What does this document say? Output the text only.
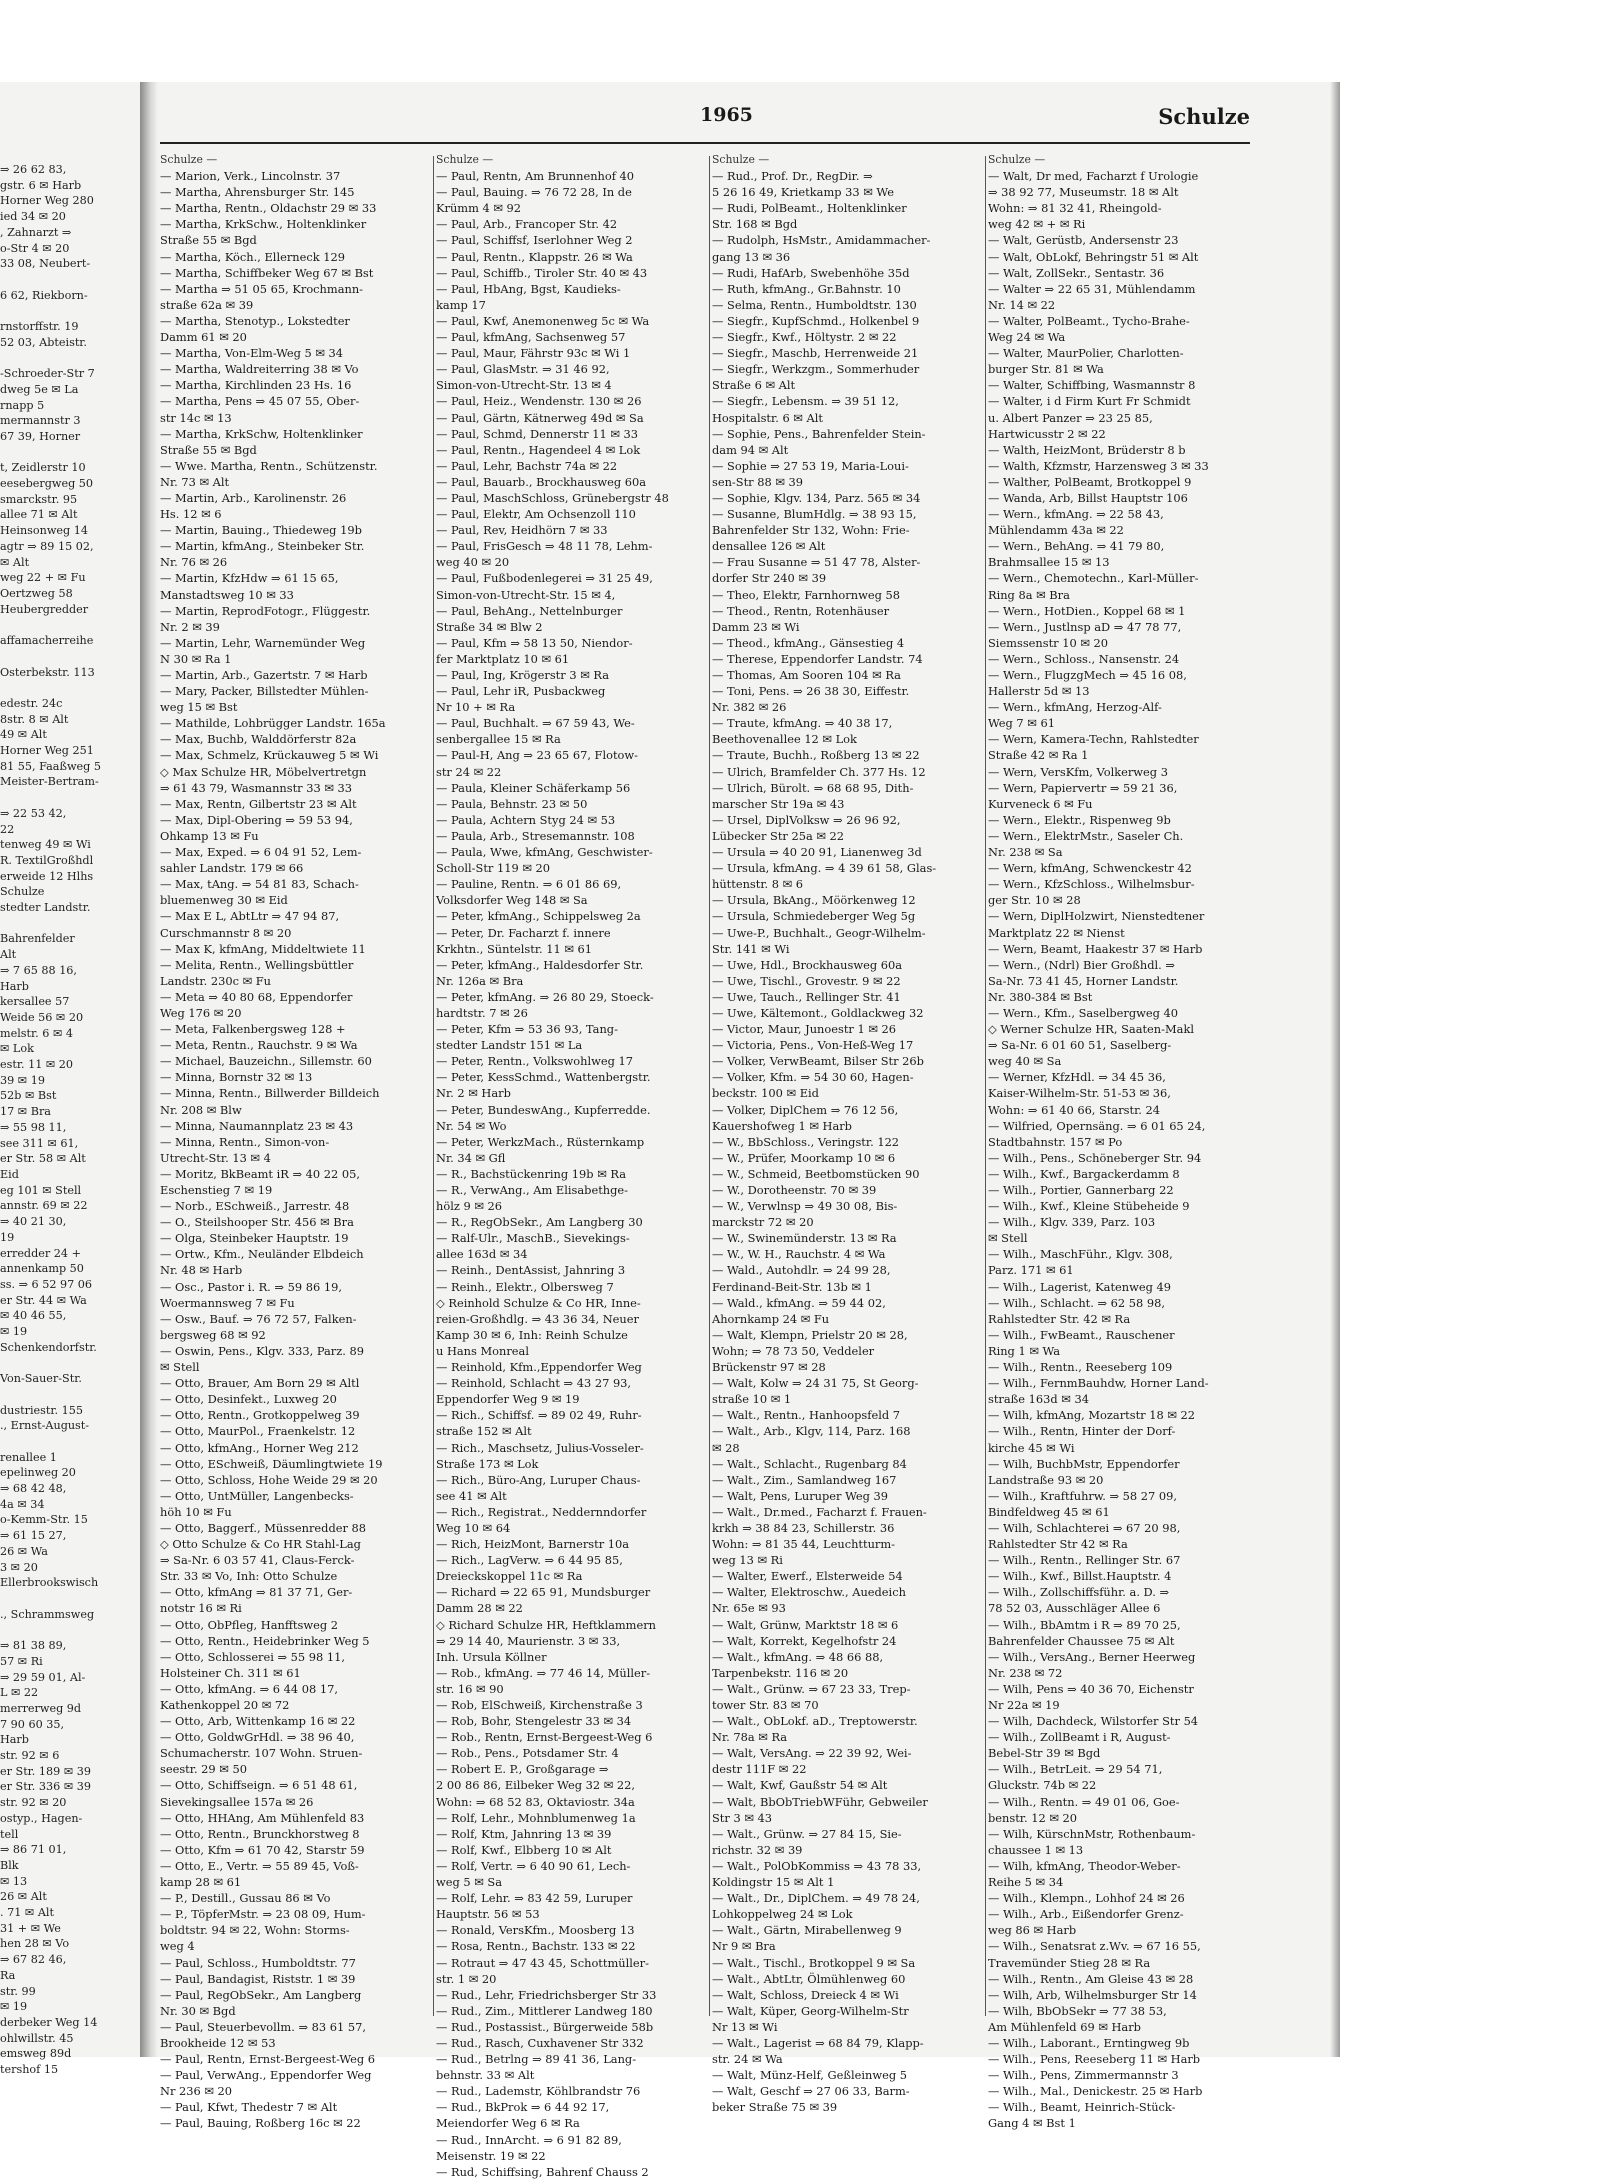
⇒ 26 62 83,
gstr. 6 ✉ Harb
Horner Weg 280
ied 34 ✉ 20
, Zahnarzt ⇒
o-Str 4 ✉ 20
33 08, Neubert-

6 62, Riekborn-

rnstorffstr. 19
52 03, Abteistr.

-Schroeder-Str 7
dweg 5e ✉ La
rnapp 5
mermannstr 3
67 39, Horner

t, Zeidlerstr 10
eesebergweg 50
smarckstr. 95
allee 71 ✉ Alt
Heinsonweg 14
agtr ⇒ 89 15 02,
✉ Alt
weg 22 + ✉ Fu
Oertzweg 58
Heubergredder

affamacherreihe

Osterbekstr. 113

edestr. 24c
8str. 8 ✉ Alt
49 ✉ Alt
Horner Weg 251
81 55, Faaßweg 5
Meister-Bertram-

⇒ 22 53 42,
22
tenweg 49 ✉ Wi
R. TextilGroßhdl
erweide 12 Hlhs
Schulze
stedter Landstr.

Bahrenfelder
Alt
⇒ 7 65 88 16,
Harb
kersallee 57
Weide 56 ✉ 20
melstr. 6 ✉ 4
✉ Lok
estr. 11 ✉ 20
39 ✉ 19
52b ✉ Bst
17 ✉ Bra
⇒ 55 98 11,
see 311 ✉ 61,
er Str. 58 ✉ Alt
Eid
eg 101 ✉ Stell
annstr. 69 ✉ 22
⇒ 40 21 30,
19
erredder 24 +
annenkamp 50
ss. ⇒ 6 52 97 06
er Str. 44 ✉ Wa
✉ 40 46 55,
✉ 19
Schenkendorfstr.

Von-Sauer-Str.

dustriestr. 155
., Ernst-August-

renallee 1
epelinweg 20
⇒ 68 42 48,
4a ✉ 34
o-Kemm-Str. 15
⇒ 61 15 27,
26 ✉ Wa
3 ✉ 20
Ellerbrookswisch

., Schrammsweg

⇒ 81 38 89,
57 ✉ Ri
⇒ 29 59 01, Al-
L ✉ 22
merrerweg 9d
7 90 60 35,
Harb
str. 92 ✉ 6
er Str. 189 ✉ 39
er Str. 336 ✉ 39
str. 92 ✉ 20
ostyp., Hagen-
tell
⇒ 86 71 01,
Blk
✉ 13
26 ✉ Alt
. 71 ✉ Alt
31 + ✉ We
hen 28 ✉ Vo
⇒ 67 82 46,
Ra
str. 99
✉ 19
derbeker Weg 14
ohlwillstr. 45
emsweg 89d
tershof 15
1965	Schulze
Schulze —
— Marion, Verk., Lincolnstr. 37
— Martha, Ahrensburger Str. 145
— Martha, Rentn., Oldachstr 29 ✉ 33
— Martha, KrkSchw., Holtenklinker
Straße 55 ✉ Bgd
— Martha, Köch., Ellerneck 129
— Martha, Schiffbeker Weg 67 ✉ Bst
— Martha ⇒ 51 05 65, Krochmann-
straße 62a ✉ 39
— Martha, Stenotyp., Lokstedter
Damm 61 ✉ 20
— Martha, Von-Elm-Weg 5 ✉ 34
— Martha, Waldreiterring 38 ✉ Vo
— Martha, Kirchlinden 23 Hs. 16
— Martha, Pens ⇒ 45 07 55, Ober-
str 14c ✉ 13
— Martha, KrkSchw, Holtenklinker
Straße 55 ✉ Bgd
— Wwe. Martha, Rentn., Schützenstr.
Nr. 73 ✉ Alt
— Martin, Arb., Karolinenstr. 26
Hs. 12 ✉ 6
— Martin, Bauing., Thiedeweg 19b
— Martin, kfmAng., Steinbeker Str.
Nr. 76 ✉ 26
— Martin, KfzHdw ⇒ 61 15 65,
Manstadtsweg 10 ✉ 33
— Martin, ReprodFotogr., Flüggestr.
Nr. 2 ✉ 39
— Martin, Lehr, Warnemünder Weg
N 30 ✉ Ra 1
— Martin, Arb., Gazertstr. 7 ✉ Harb
— Mary, Packer, Billstedter Mühlen-
weg 15 ✉ Bst
— Mathilde, Lohbrügger Landstr. 165a
— Max, Buchb, Walddörferstr 82a
— Max, Schmelz, Krückauweg 5 ✉ Wi
◇ Max Schulze HR, Möbelvertretgn
⇒ 61 43 79, Wasmannstr 33 ✉ 33
— Max, Rentn, Gilbertstr 23 ✉ Alt
— Max, Dipl-Obering ⇒ 59 53 94,
Ohkamp 13 ✉ Fu
— Max, Exped. ⇒ 6 04 91 52, Lem-
sahler Landstr. 179 ✉ 66
— Max, tAng. ⇒ 54 81 83, Schach-
bluemenweg 30 ✉ Eid
— Max E L, AbtLtr ⇒ 47 94 87,
Curschmannstr 8 ✉ 20
— Max K, kfmAng, Middeltwiete 11
— Melita, Rentn., Wellingsbüttler
Landstr. 230c ✉ Fu
— Meta ⇒ 40 80 68, Eppendorfer
Weg 176 ✉ 20
— Meta, Falkenbergsweg 128 +
— Meta, Rentn., Rauchstr. 9 ✉ Wa
— Michael, Bauzeichn., Sillemstr. 60
— Minna, Bornstr 32 ✉ 13
— Minna, Rentn., Billwerder Billdeich
Nr. 208 ✉ Blw
— Minna, Naumannplatz 23 ✉ 43
— Minna, Rentn., Simon-von-
Utrecht-Str. 13 ✉ 4
— Moritz, BkBeamt iR ⇒ 40 22 05,
Eschenstieg 7 ✉ 19
— Norb., ESchweiß., Jarrestr. 48
— O., Steilshooper Str. 456 ✉ Bra
— Olga, Steinbeker Hauptstr. 19
— Ortw., Kfm., Neuländer Elbdeich
Nr. 48 ✉ Harb
— Osc., Pastor i. R. ⇒ 59 86 19,
Woermannsweg 7 ✉ Fu
— Osw., Bauf. ⇒ 76 72 57, Falken-
bergsweg 68 ✉ 92
— Oswin, Pens., Klgv. 333, Parz. 89
✉ Stell
— Otto, Brauer, Am Born 29 ✉ Altl
— Otto, Desinfekt., Luxweg 20
— Otto, Rentn., Grotkoppelweg 39
— Otto, MaurPol., Fraenkelstr. 12
— Otto, kfmAng., Horner Weg 212
— Otto, ESchweiß, Däumlingtwiete 19
— Otto, Schloss, Hohe Weide 29 ✉ 20
— Otto, UntMüller, Langenbecks-
höh 10 ✉ Fu
— Otto, Baggerf., Müssenredder 88
◇ Otto Schulze & Co HR Stahl-Lag
⇒ Sa-Nr. 6 03 57 41, Claus-Ferck-
Str. 33 ✉ Vo, Inh: Otto Schulze
— Otto, kfmAng ⇒ 81 37 71, Ger-
notstr 16 ✉ Ri
— Otto, ObPfleg, Hanfftsweg 2
— Otto, Rentn., Heidebrinker Weg 5
— Otto, Schlosserei ⇒ 55 98 11,
Holsteiner Ch. 311 ✉ 61
— Otto, kfmAng. ⇒ 6 44 08 17,
Kathenkoppel 20 ✉ 72
— Otto, Arb, Wittenkamp 16 ✉ 22
— Otto, GoldwGrHdl. ⇒ 38 96 40,
Schumacherstr. 107 Wohn. Struen-
seestr. 29 ✉ 50
— Otto, Schiffseign. ⇒ 6 51 48 61,
Sievekingsallee 157a ✉ 26
— Otto, HHAng, Am Mühlenfeld 83
— Otto, Rentn., Brunckhorstweg 8
— Otto, Kfm ⇒ 61 70 42, Starstr 59
— Otto, E., Vertr. ⇒ 55 89 45, Voß-
kamp 28 ✉ 61
— P., Destill., Gussau 86 ✉ Vo
— P., TöpferMstr. ⇒ 23 08 09, Hum-
boldtstr. 94 ✉ 22, Wohn: Storms-
weg 4
— Paul, Schloss., Humboldtstr. 77
— Paul, Bandagist, Riststr. 1 ✉ 39
— Paul, RegObSekr., Am Langberg
Nr. 30 ✉ Bgd
— Paul, Steuerbevollm. ⇒ 83 61 57,
Brookheide 12 ✉ 53
— Paul, Rentn, Ernst-Bergeest-Weg 6
— Paul, VerwAng., Eppendorfer Weg
Nr 236 ✉ 20
— Paul, Kfwt, Thedestr 7 ✉ Alt
— Paul, Bauing, Roßberg 16c ✉ 22
Schulze —
— Paul, Rentn, Am Brunnenhof 40
— Paul, Bauing. ⇒ 76 72 28, In de
Krümm 4 ✉ 92
— Paul, Arb., Francoper Str. 42
— Paul, Schiffsf, Iserlohner Weg 2
— Paul, Rentn., Klappstr. 26 ✉ Wa
— Paul, Schiffb., Tiroler Str. 40 ✉ 43
— Paul, HbAng, Bgst, Kaudieks-
kamp 17
— Paul, Kwf, Anemonenweg 5c ✉ Wa
— Paul, kfmAng, Sachsenweg 57
— Paul, Maur, Fährstr 93c ✉ Wi 1
— Paul, GlasMstr. ⇒ 31 46 92,
Simon-von-Utrecht-Str. 13 ✉ 4
— Paul, Heiz., Wendenstr. 130 ✉ 26
— Paul, Gärtn, Kätnerweg 49d ✉ Sa
— Paul, Schmd, Dennerstr 11 ✉ 33
— Paul, Rentn., Hagendeel 4 ✉ Lok
— Paul, Lehr, Bachstr 74a ✉ 22
— Paul, Bauarb., Brockhausweg 60a
— Paul, MaschSchloss, Grünebergstr 48
— Paul, Elektr, Am Ochsenzoll 110
— Paul, Rev, Heidhörn 7 ✉ 33
— Paul, FrisGesch ⇒ 48 11 78, Lehm-
weg 40 ✉ 20
— Paul, Fußbodenlegerei ⇒ 31 25 49,
Simon-von-Utrecht-Str. 15 ✉ 4,
— Paul, BehAng., Nettelnburger
Straße 34 ✉ Blw 2
— Paul, Kfm ⇒ 58 13 50, Niendor-
fer Marktplatz 10 ✉ 61
— Paul, Ing, Krögerstr 3 ✉ Ra
— Paul, Lehr iR, Pusbackweg
Nr 10 + ✉ Ra
— Paul, Buchhalt. ⇒ 67 59 43, We-
senbergallee 15 ✉ Ra
— Paul-H, Ang ⇒ 23 65 67, Flotow-
str 24 ✉ 22
— Paula, Kleiner Schäferkamp 56
— Paula, Behnstr. 23 ✉ 50
— Paula, Achtern Styg 24 ✉ 53
— Paula, Arb., Stresemannstr. 108
— Paula, Wwe, kfmAng, Geschwister-
Scholl-Str 119 ✉ 20
— Pauline, Rentn. ⇒ 6 01 86 69,
Volksdorfer Weg 148 ✉ Sa
— Peter, kfmAng., Schippelsweg 2a
— Peter, Dr. Facharzt f. innere
Krkhtn., Süntelstr. 11 ✉ 61
— Peter, kfmAng., Haldesdorfer Str.
Nr. 126a ✉ Bra
— Peter, kfmAng. ⇒ 26 80 29, Stoeck-
hardtstr. 7 ✉ 26
— Peter, Kfm ⇒ 53 36 93, Tang-
stedter Landstr 151 ✉ La
— Peter, Rentn., Volkswohlweg 17
— Peter, KessSchmd., Wattenbergstr.
Nr. 2 ✉ Harb
— Peter, BundeswAng., Kupferredde.
Nr. 54 ✉ Wo
— Peter, WerkzMach., Rüsternkamp
Nr. 34 ✉ Gfl
— R., Bachstückenring 19b ✉ Ra
— R., VerwAng., Am Elisabethge-
hölz 9 ✉ 26
— R., RegObSekr., Am Langberg 30
— Ralf-Ulr., MaschB., Sievekings-
allee 163d ✉ 34
— Reinh., DentAssist, Jahnring 3
— Reinh., Elektr., Olbersweg 7
◇ Reinhold Schulze & Co HR, Inne-
reien-Großhdlg. ⇒ 43 36 34, Neuer
Kamp 30 ✉ 6, Inh: Reinh Schulze
u Hans Monreal
— Reinhold, Kfm.,Eppendorfer Weg
— Reinhold, Schlacht ⇒ 43 27 93,
Eppendorfer Weg 9 ✉ 19
— Rich., Schiffsf. ⇒ 89 02 49, Ruhr-
straße 152 ✉ Alt
— Rich., Maschsetz, Julius-Vosseler-
Straße 173 ✉ Lok
— Rich., Büro-Ang, Luruper Chaus-
see 41 ✉ Alt
— Rich., Registrat., Neddernndorfer
Weg 10 ✉ 64
— Rich, HeizMont, Barnerstr 10a
— Rich., LagVerw. ⇒ 6 44 95 85,
Dreieckskoppel 11c ✉ Ra
— Richard ⇒ 22 65 91, Mundsburger
Damm 28 ✉ 22
◇ Richard Schulze HR, Heftklammern
⇒ 29 14 40, Maurienstr. 3 ✉ 33,
Inh. Ursula Köllner
— Rob., kfmAng. ⇒ 77 46 14, Müller-
str. 16 ✉ 90
— Rob, ElSchweiß, Kirchenstraße 3
— Rob, Bohr, Stengelestr 33 ✉ 34
— Rob., Rentn, Ernst-Bergeest-Weg 6
— Rob., Pens., Potsdamer Str. 4
— Robert E. P., Großgarage ⇒
2 00 86 86, Eilbeker Weg 32 ✉ 22,
Wohn: ⇒ 68 52 83, Oktaviostr. 34a
— Rolf, Lehr., Mohnblumenweg 1a
— Rolf, Ktm, Jahnring 13 ✉ 39
— Rolf, Kwf., Elbberg 10 ✉ Alt
— Rolf, Vertr. ⇒ 6 40 90 61, Lech-
weg 5 ✉ Sa
— Rolf, Lehr. ⇒ 83 42 59, Luruper
Hauptstr. 56 ✉ 53
— Ronald, VersKfm., Moosberg 13
— Rosa, Rentn., Bachstr. 133 ✉ 22
— Rotraut ⇒ 47 43 45, Schottmüller-
str. 1 ✉ 20
— Rud., Lehr, Friedrichsberger Str 33
— Rud., Zim., Mittlerer Landweg 180
— Rud., Postassist., Bürgerweide 58b
— Rud., Rasch, Cuxhavener Str 332
— Rud., Betrlng ⇒ 89 41 36, Lang-
behnstr. 33 ✉ Alt
— Rud., Lademstr, Köhlbrandstr 76
— Rud., BkProk ⇒ 6 44 92 17,
Meiendorfer Weg 6 ✉ Ra
— Rud., InnArcht. ⇒ 6 91 82 89,
Meisenstr. 19 ✉ 22
— Rud, Schiffsing, Bahrenf Chauss 2
Schulze —
— Rud., Prof. Dr., RegDir. ⇒
5 26 16 49, Krietkamp 33 ✉ We
— Rudi, PolBeamt., Holtenklinker
Str. 168 ✉ Bgd
— Rudolph, HsMstr., Amidammacher-
gang 13 ✉ 36
— Rudi, HafArb, Swebenhöhe 35d
— Ruth, kfmAng., Gr.Bahnstr. 10
— Selma, Rentn., Humboldtstr. 130
— Siegfr., KupfSchmd., Holkenbel 9
— Siegfr., Kwf., Höltystr. 2 ✉ 22
— Siegfr., Maschb, Herrenweide 21
— Siegfr., Werkzgm., Sommerhuder
Straße 6 ✉ Alt
— Siegfr., Lebensm. ⇒ 39 51 12,
Hospitalstr. 6 ✉ Alt
— Sophie, Pens., Bahrenfelder Stein-
dam 94 ✉ Alt
— Sophie ⇒ 27 53 19, Maria-Loui-
sen-Str 88 ✉ 39
— Sophie, Klgv. 134, Parz. 565 ✉ 34
— Susanne, BlumHdlg. ⇒ 38 93 15,
Bahrenfelder Str 132, Wohn: Frie-
densallee 126 ✉ Alt
— Frau Susanne ⇒ 51 47 78, Alster-
dorfer Str 240 ✉ 39
— Theo, Elektr, Farnhornweg 58
— Theod., Rentn, Rotenhäuser
Damm 23 ✉ Wi
— Theod., kfmAng., Gänsestieg 4
— Therese, Eppendorfer Landstr. 74
— Thomas, Am Sooren 104 ✉ Ra
— Toni, Pens. ⇒ 26 38 30, Eiffestr.
Nr. 382 ✉ 26
— Traute, kfmAng. ⇒ 40 38 17,
Beethovenallee 12 ✉ Lok
— Traute, Buchh., Roßberg 13 ✉ 22
— Ulrich, Bramfelder Ch. 377 Hs. 12
— Ulrich, Bürolt. ⇒ 68 68 95, Dith-
marscher Str 19a ✉ 43
— Ursel, DiplVolksw ⇒ 26 96 92,
Lübecker Str 25a ✉ 22
— Ursula ⇒ 40 20 91, Lianenweg 3d
— Ursula, kfmAng. ⇒ 4 39 61 58, Glas-
hüttenstr. 8 ✉ 6
— Ursula, BkAng., Möörkenweg 12
— Ursula, Schmiedeberger Weg 5g
— Uwe-P., Buchhalt., Geogr-Wilhelm-
Str. 141 ✉ Wi
— Uwe, Hdl., Brockhausweg 60a
— Uwe, Tischl., Grovestr. 9 ✉ 22
— Uwe, Tauch., Rellinger Str. 41
— Uwe, Kältemont., Goldlackweg 32
— Victor, Maur, Junoestr 1 ✉ 26
— Victoria, Pens., Von-Heß-Weg 17
— Volker, VerwBeamt, Bilser Str 26b
— Volker, Kfm. ⇒ 54 30 60, Hagen-
beckstr. 100 ✉ Eid
— Volker, DiplChem ⇒ 76 12 56,
Kauershofweg 1 ✉ Harb
— W., BbSchloss., Veringstr. 122
— W., Prüfer, Moorkamp 10 ✉ 6
— W., Schmeid, Beetbomstücken 90
— W., Dorotheenstr. 70 ✉ 39
— W., Verwlnsp ⇒ 49 30 08, Bis-
marckstr 72 ✉ 20
— W., Swinemünderstr. 13 ✉ Ra
— W., W. H., Rauchstr. 4 ✉ Wa
— Wald., Autohdlr. ⇒ 24 99 28,
Ferdinand-Beit-Str. 13b ✉ 1
— Wald., kfmAng. ⇒ 59 44 02,
Ahornkamp 24 ✉ Fu
— Walt, Klempn, Prielstr 20 ✉ 28,
Wohn; ⇒ 78 73 50, Veddeler
Brückenstr 97 ✉ 28
— Walt, Kolw ⇒ 24 31 75, St Georg-
straße 10 ✉ 1
— Walt., Rentn., Hanhoopsfeld 7
— Walt., Arb., Klgv, 114, Parz. 168
✉ 28
— Walt., Schlacht., Rugenbarg 84
— Walt., Zim., Samlandweg 167
— Walt, Pens, Luruper Weg 39
— Walt., Dr.med., Facharzt f. Frauen-
krkh ⇒ 38 84 23, Schillerstr. 36
Wohn: ⇒ 81 35 44, Leuchtturm-
weg 13 ✉ Ri
— Walter, Ewerf., Elsterweide 54
— Walter, Elektroschw., Auedeich
Nr. 65e ✉ 93
— Walt, Grünw, Marktstr 18 ✉ 6
— Walt, Korrekt, Kegelhofstr 24
— Walt., kfmAng. ⇒ 48 66 88,
Tarpenbekstr. 116 ✉ 20
— Walt., Grünw. ⇒ 67 23 33, Trep-
tower Str. 83 ✉ 70
— Walt., ObLokf. aD., Treptowerstr.
Nr. 78a ✉ Ra
— Walt, VersAng. ⇒ 22 39 92, Wei-
destr 111F ✉ 22
— Walt, Kwf, Gaußstr 54 ✉ Alt
— Walt, BbObTriebWFühr, Gebweiler
Str 3 ✉ 43
— Walt., Grünw. ⇒ 27 84 15, Sie-
richstr. 32 ✉ 39
— Walt., PolObKommiss ⇒ 43 78 33,
Koldingstr 15 ✉ Alt 1
— Walt., Dr., DiplChem. ⇒ 49 78 24,
Lohkoppelweg 24 ✉ Lok
— Walt., Gärtn, Mirabellenweg 9
Nr 9 ✉ Bra
— Walt., Tischl., Brotkoppel 9 ✉ Sa
— Walt., AbtLtr, Ölmühlenweg 60
— Walt, Schloss, Dreieck 4 ✉ Wi
— Walt, Küper, Georg-Wilhelm-Str
Nr 13 ✉ Wi
— Walt., Lagerist ⇒ 68 84 79, Klapp-
str. 24 ✉ Wa
— Walt, Münz-Helf, Geßleinweg 5
— Walt, Geschf ⇒ 27 06 33, Barm-
beker Straße 75 ✉ 39
Schulze —
— Walt, Dr med, Facharzt f Urologie
⇒ 38 92 77, Museumstr. 18 ✉ Alt
Wohn: ⇒ 81 32 41, Rheingold-
weg 42 ✉ + ✉ Ri
— Walt, Gerüstb, Andersenstr 23
— Walt, ObLokf, Behringstr 51 ✉ Alt
— Walt, ZollSekr., Sentastr. 36
— Walter ⇒ 22 65 31, Mühlendamm
Nr. 14 ✉ 22
— Walter, PolBeamt., Tycho-Brahe-
Weg 24 ✉ Wa
— Walter, MaurPolier, Charlotten-
burger Str. 81 ✉ Wa
— Walter, Schiffbing, Wasmannstr 8
— Walter, i d Firm Kurt Fr Schmidt
u. Albert Panzer ⇒ 23 25 85,
Hartwicusstr 2 ✉ 22
— Walth, HeizMont, Brüderstr 8 b
— Walth, Kfzmstr, Harzensweg 3 ✉ 33
— Walther, PolBeamt, Brotkoppel 9
— Wanda, Arb, Billst Hauptstr 106
— Wern., kfmAng. ⇒ 22 58 43,
Mühlendamm 43a ✉ 22
— Wern., BehAng. ⇒ 41 79 80,
Brahmsallee 15 ✉ 13
— Wern., Chemotechn., Karl-Müller-
Ring 8a ✉ Bra
— Wern., HotDien., Koppel 68 ✉ 1
— Wern., Justlnsp aD ⇒ 47 78 77,
Siemssenstr 10 ✉ 20
— Wern., Schloss., Nansenstr. 24
— Wern., FlugzgMech ⇒ 45 16 08,
Hallerstr 5d ✉ 13
— Wern., kfmAng, Herzog-Alf-
Weg 7 ✉ 61
— Wern, Kamera-Techn, Rahlstedter
Straße 42 ✉ Ra 1
— Wern, VersKfm, Volkerweg 3
— Wern, Papiervertr ⇒ 59 21 36,
Kurveneck 6 ✉ Fu
— Wern., Elektr., Rispenweg 9b
— Wern., ElektrMstr., Saseler Ch.
Nr. 238 ✉ Sa
— Wern, kfmAng, Schwenckestr 42
— Wern., KfzSchloss., Wilhelmsbur-
ger Str. 10 ✉ 28
— Wern, DiplHolzwirt, Nienstedtener
Marktplatz 22 ✉ Nienst
— Wern, Beamt, Haakestr 37 ✉ Harb
— Wern., (Ndrl) Bier Großhdl. ⇒
Sa-Nr. 73 41 45, Horner Landstr.
Nr. 380-384 ✉ Bst
— Wern., Kfm., Saselbergweg 40
◇ Werner Schulze HR, Saaten-Makl
⇒ Sa-Nr. 6 01 60 51, Saselberg-
weg 40 ✉ Sa
— Werner, KfzHdl. ⇒ 34 45 36,
Kaiser-Wilhelm-Str. 51-53 ✉ 36,
Wohn: ⇒ 61 40 66, Starstr. 24
— Wilfried, Opernsäng. ⇒ 6 01 65 24,
Stadtbahnstr. 157 ✉ Po
— Wilh., Pens., Schöneberger Str. 94
— Wilh., Kwf., Bargackerdamm 8
— Wilh., Portier, Gannerbarg 22
— Wilh., Kwf., Kleine Stübeheide 9
— Wilh., Klgv. 339, Parz. 103
✉ Stell
— Wilh., MaschFühr., Klgv. 308,
Parz. 171 ✉ 61
— Wilh., Lagerist, Katenweg 49
— Wilh., Schlacht. ⇒ 62 58 98,
Rahlstedter Str. 42 ✉ Ra
— Wilh., FwBeamt., Rauschener
Ring 1 ✉ Wa
— Wilh., Rentn., Reeseberg 109
— Wilh., FernmBauhdw, Horner Land-
straße 163d ✉ 34
— Wilh, kfmAng, Mozartstr 18 ✉ 22
— Wilh., Rentn, Hinter der Dorf-
kirche 45 ✉ Wi
— Wilh, BuchbMstr, Eppendorfer
Landstraße 93 ✉ 20
— Wilh., Kraftfuhrw. ⇒ 58 27 09,
Bindfeldweg 45 ✉ 61
— Wilh, Schlachterei ⇒ 67 20 98,
Rahlstedter Str 42 ✉ Ra
— Wilh., Rentn., Rellinger Str. 67
— Wilh., Kwf., Billst.Hauptstr. 4
— Wilh., Zollschiffsführ. a. D. ⇒
78 52 03, Ausschläger Allee 6
— Wilh., BbAmtm i R ⇒ 89 70 25,
Bahrenfelder Chaussee 75 ✉ Alt
— Wilh., VersAng., Berner Heerweg
Nr. 238 ✉ 72
— Wilh, Pens ⇒ 40 36 70, Eichenstr
Nr 22a ✉ 19
— Wilh, Dachdeck, Wilstorfer Str 54
— Wilh., ZollBeamt i R, August-
Bebel-Str 39 ✉ Bgd
— Wilh., BetrLeit. ⇒ 29 54 71,
Gluckstr. 74b ✉ 22
— Wilh., Rentn. ⇒ 49 01 06, Goe-
benstr. 12 ✉ 20
— Wilh, KürschnMstr, Rothenbaum-
chaussee 1 ✉ 13
— Wilh, kfmAng, Theodor-Weber-
Reihe 5 ✉ 34
— Wilh., Klempn., Lohhof 24 ✉ 26
— Wilh., Arb., Eißendorfer Grenz-
weg 86 ✉ Harb
— Wilh., Senatsrat z.Wv. ⇒ 67 16 55,
Travemünder Stieg 28 ✉ Ra
— Wilh., Rentn., Am Gleise 43 ✉ 28
— Wilh, Arb, Wilhelmsburger Str 14
— Wilh, BbObSekr ⇒ 77 38 53,
Am Mühlenfeld 69 ✉ Harb
— Wilh., Laborant., Erntingweg 9b
— Wilh., Pens, Reeseberg 11 ✉ Harb
— Wilh., Pens, Zimmermannstr 3
— Wilh., Mal., Denickestr. 25 ✉ Harb
— Wilh., Beamt, Heinrich-Stück-
Gang 4 ✉ Bst 1
